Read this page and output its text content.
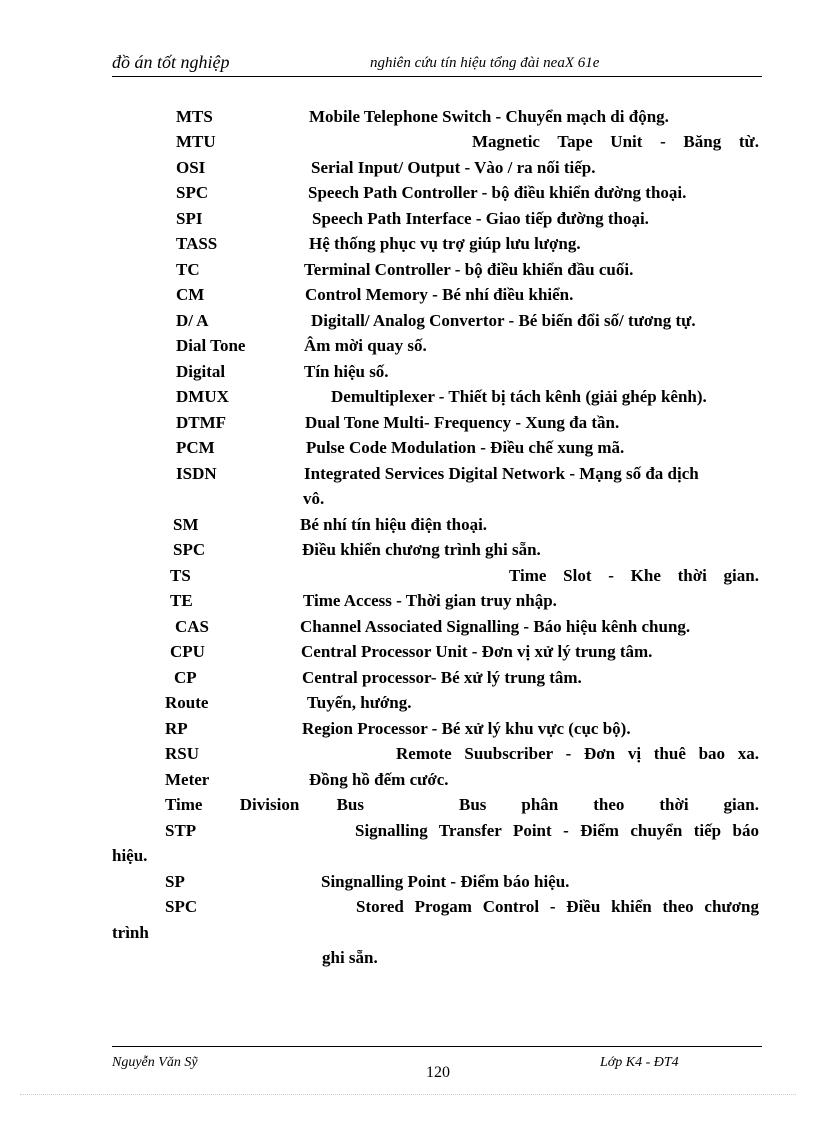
đồ án tốt nghiệp	nghiên cứu tín hiệu tổng đài neaX 61e
MTS	Mobile Telephone Switch - Chuyển mạch di động.
MTU	Magnetic Tape Unit - Băng từ.
OSI	Serial Input/ Output - Vào / ra nối tiếp.
SPC	Speech Path Controller - bộ điều khiển đường thoại.
SPI	Speech Path Interface - Giao tiếp đường thoại.
TASS	Hệ thống phục vụ trợ giúp lưu lượng.
TC	Terminal Controller - bộ điều khiển đầu cuối.
CM	Control Memory - Bé nhí điều khiển.
D/ A	Digitall/ Analog Convertor - Bé biến đổi số/ tương tự.
Dial Tone	Âm mời quay số.
Digital	Tín hiệu số.
DMUX	Demultiplexer - Thiết bị tách kênh (giải ghép kênh).
DTMF	Dual Tone Multi- Frequency - Xung đa tần.
PCM	Pulse Code Modulation - Điều chế xung mã.
ISDN	Integrated Services Digital Network - Mạng số đa dịch
vô.
SM	Bé nhí tín hiệu điện thoại.
SPC	Điều khiển chương trình ghi sẵn.
TS	Time Slot - Khe thời gian.
TE	Time Access - Thời gian truy nhập.
CAS	Channel Associated Signalling - Báo hiệu kênh chung.
CPU	Central Processor Unit - Đơn vị xử lý trung tâm.
CP	Central processor- Bé xử lý trung tâm.
Route	Tuyến, hướng.
RP	Region Processor - Bé xử lý khu vực (cục bộ).
RSU	Remote Suubscriber - Đơn vị thuê bao xa.
Meter	Đồng hồ đếm cước.
Time Division Bus	Bus phân theo thời gian.
STP	Signalling Transfer Point - Điểm chuyển tiếp báo
hiệu.
SP	Singnalling Point - Điểm báo hiệu.
SPC	Stored Progam Control - Điều khiển theo chương
trình
ghi sẵn.
Nguyễn Văn Sỹ
120
Lớp K4 - ĐT4
